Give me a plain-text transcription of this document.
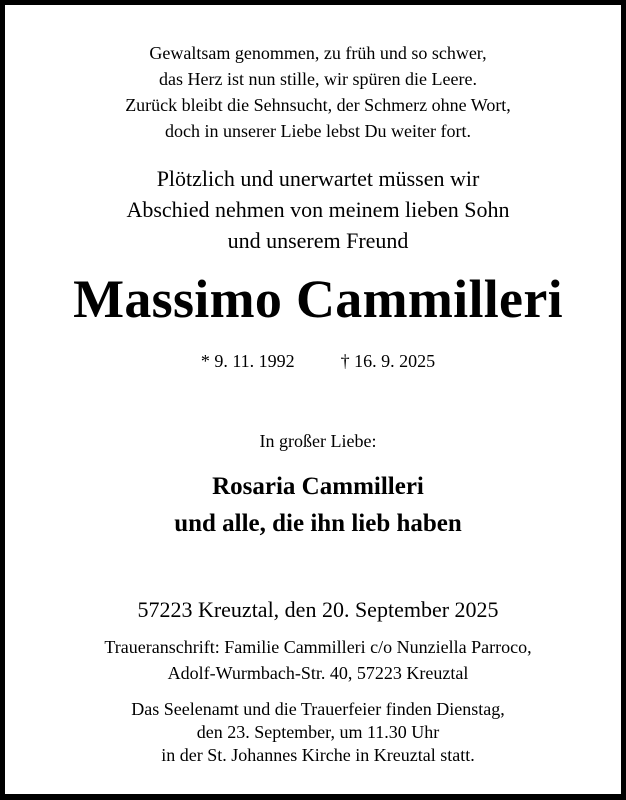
Gewaltsam genommen, zu früh und so schwer,
das Herz ist nun stille, wir spüren die Leere.
Zurück bleibt die Sehnsucht, der Schmerz ohne Wort,
doch in unserer Liebe lebst Du weiter fort.

Plötzlich und unerwartet müssen wir
Abschied nehmen von meinem lieben Sohn
und unserem Freund

Massimo Cammilleri

* 9. 11. 1992	† 16. 9. 2025

In großer Liebe:

Rosaria Cammilleri
und alle, die ihn lieb haben

57223 Kreuztal, den 20. September 2025

Traueranschrift: Familie Cammilleri c/o Nunziella Parroco,
Adolf-Wurmbach-Str. 40, 57223 Kreuztal

Das Seelenamt und die Trauerfeier finden Dienstag,
den 23. September, um 11.30 Uhr
in der St. Johannes Kirche in Kreuztal statt.
